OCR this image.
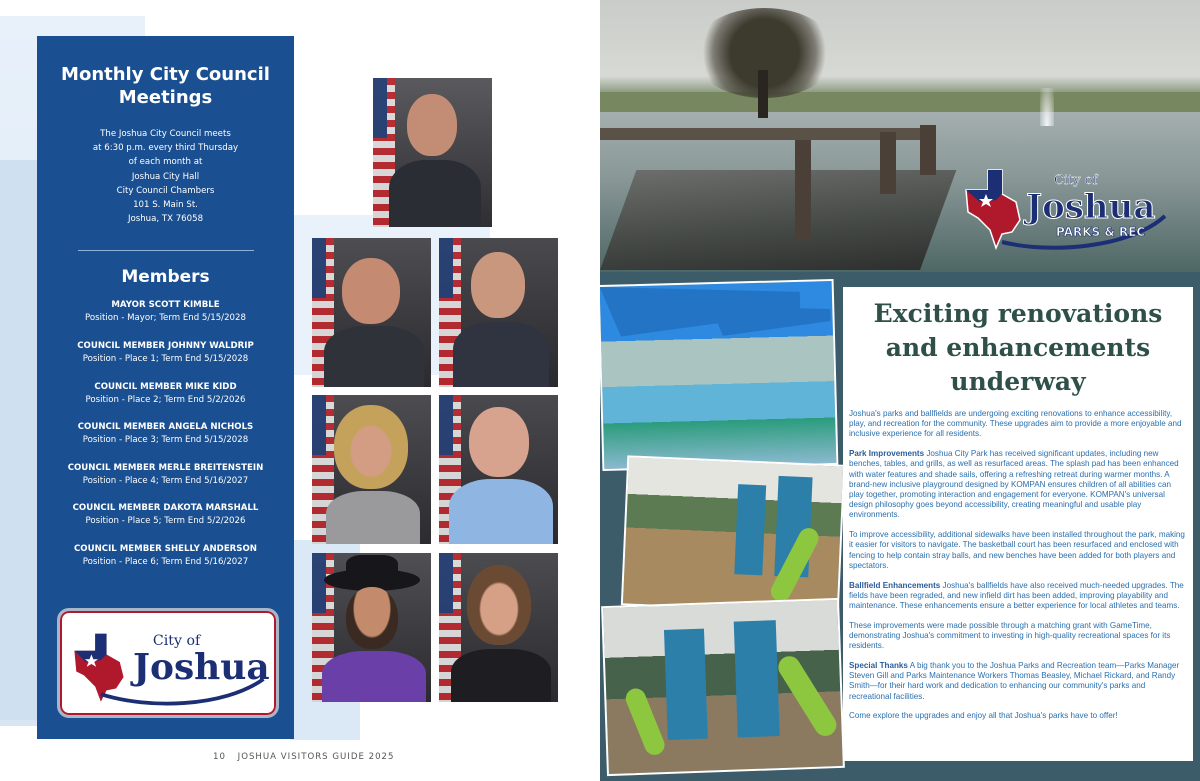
Monthly City Council Meetings
The Joshua City Council meets
at 6:30 p.m. every third Thursday
of each month at
Joshua City Hall
City Council Chambers
101 S. Main St.
Joshua, TX 76058
Members
MAYOR SCOTT KIMBLE
Position - Mayor; Term End 5/15/2028
COUNCIL MEMBER JOHNNY WALDRIP
Position - Place 1; Term End 5/15/2028
COUNCIL MEMBER MIKE KIDD
Position - Place 2; Term End 5/2/2026
COUNCIL MEMBER ANGELA NICHOLS
Position - Place 3; Term End 5/15/2028
COUNCIL MEMBER MERLE BREITENSTEIN
Position - Place 4; Term End 5/16/2027
COUNCIL MEMBER DAKOTA MARSHALL
Position - Place 5; Term End 5/2/2026
COUNCIL MEMBER SHELLY ANDERSON
Position - Place 6; Term End 5/16/2027
City of
Joshua
10 JOSHUA VISITORS GUIDE 2025
City of
Joshua
PARKS & REC
Exciting renovations and enhancements underway

Joshua's parks and ballfields are undergoing exciting renovations to enhance accessibility, play, and recreation for the community. These upgrades aim to provide a more enjoyable and inclusive experience for all residents.

Park Improvements Joshua City Park has received significant updates, including new benches, tables, and grills, as well as resurfaced areas. The splash pad has been enhanced with water features and shade sails, offering a refreshing retreat during warmer months. A brand-new inclusive playground designed by KOMPAN ensures children of all abilities can play together, promoting interaction and engagement for everyone. KOMPAN's universal design philosophy goes beyond accessibility, creating meaningful and usable play environments.

To improve accessibility, additional sidewalks have been installed throughout the park, making it easier for visitors to navigate. The basketball court has been resurfaced and enclosed with fencing to help contain stray balls, and new benches have been added for both players and spectators.

Ballfield Enhancements Joshua's ballfields have also received much-needed upgrades. The fields have been regraded, and new infield dirt has been added, improving playability and maintenance. These enhancements ensure a better experience for local athletes and teams.

These improvements were made possible through a matching grant with GameTime, demonstrating Joshua's commitment to investing in high-quality recreational spaces for its residents.

Special Thanks A big thank you to the Joshua Parks and Recreation team—Parks Manager Steven Gill and Parks Maintenance Workers Thomas Beasley, Michael Rickard, and Randy Smith—for their hard work and dedication to enhancing our community's parks and recreational facilities.

Come explore the upgrades and enjoy all that Joshua's parks have to offer!
